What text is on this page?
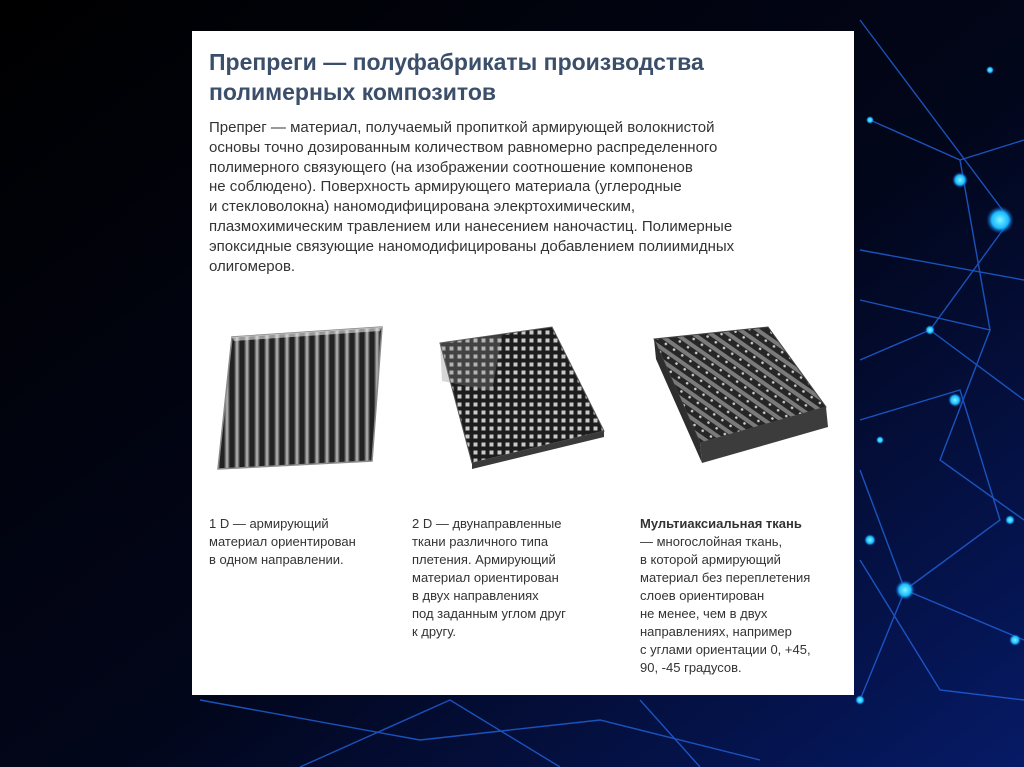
Препреги — полуфабрикаты производства
полимерных композитов

Препрег — материал, получаемый пропиткой армирующей волокнистой
основы точно дозированным количеством равномерно распределенного
полимерного связующего (на изображении соотношение компоненов
не соблюдено). Поверхность армирующего материала (углеродные
и стекловолокна) наномодифицирована элекртохимическим,
плазмохимическим травлением или нанесением наночастиц. Полимерные
эпоксидные связующие наномодифицированы добавлением полиимидных
олигомеров.

1 D — армирующий
материал ориентирован
в одном направлении.

2 D — двунаправленные
ткани различного типа
плетения. Армирующий
материал ориентирован
в двух направлениях
под заданным углом друг
к другу.

Мультиаксиальная ткань
— многослойная ткань,
в которой армирующий
материал без переплетения
слоев ориентирован
не менее, чем в двух
направлениях, например
с углами ориентации 0, +45,
90, -45 градусов.
